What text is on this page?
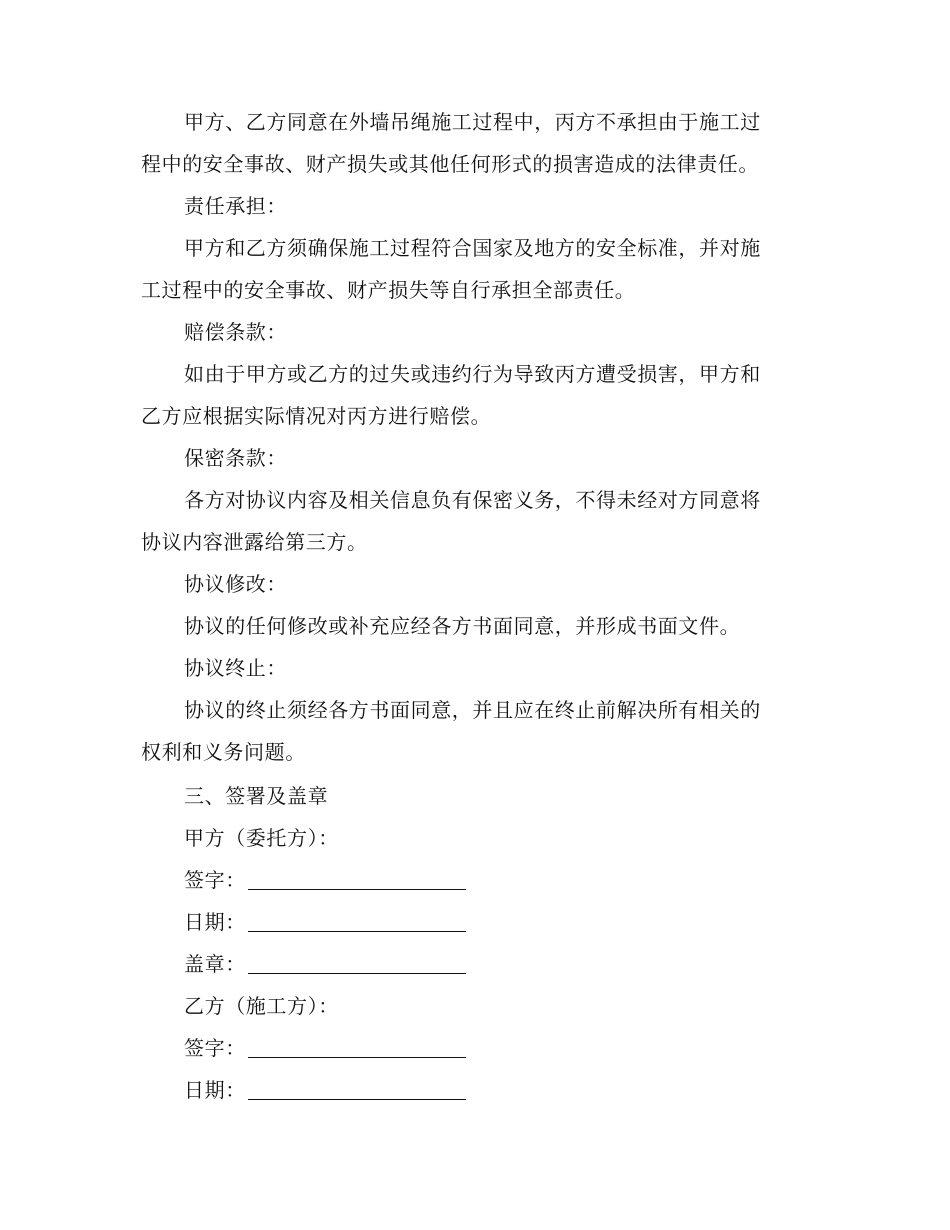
甲方、乙方同意在外墙吊绳施工过程中，丙方不承担由于施工过
程中的安全事故、财产损失或其他任何形式的损害造成的法律责任。
责任承担：
甲方和乙方须确保施工过程符合国家及地方的安全标准，并对施
工过程中的安全事故、财产损失等自行承担全部责任。
赔偿条款：
如由于甲方或乙方的过失或违约行为导致丙方遭受损害，甲方和
乙方应根据实际情况对丙方进行赔偿。
保密条款：
各方对协议内容及相关信息负有保密义务，不得未经对方同意将
协议内容泄露给第三方。
协议修改：
协议的任何修改或补充应经各方书面同意，并形成书面文件。
协议终止：
协议的终止须经各方书面同意，并且应在终止前解决所有相关的
权利和义务问题。
三、签署及盖章
甲方（委托方）：
签字：
日期：
盖章：
乙方（施工方）：
签字：
日期：
